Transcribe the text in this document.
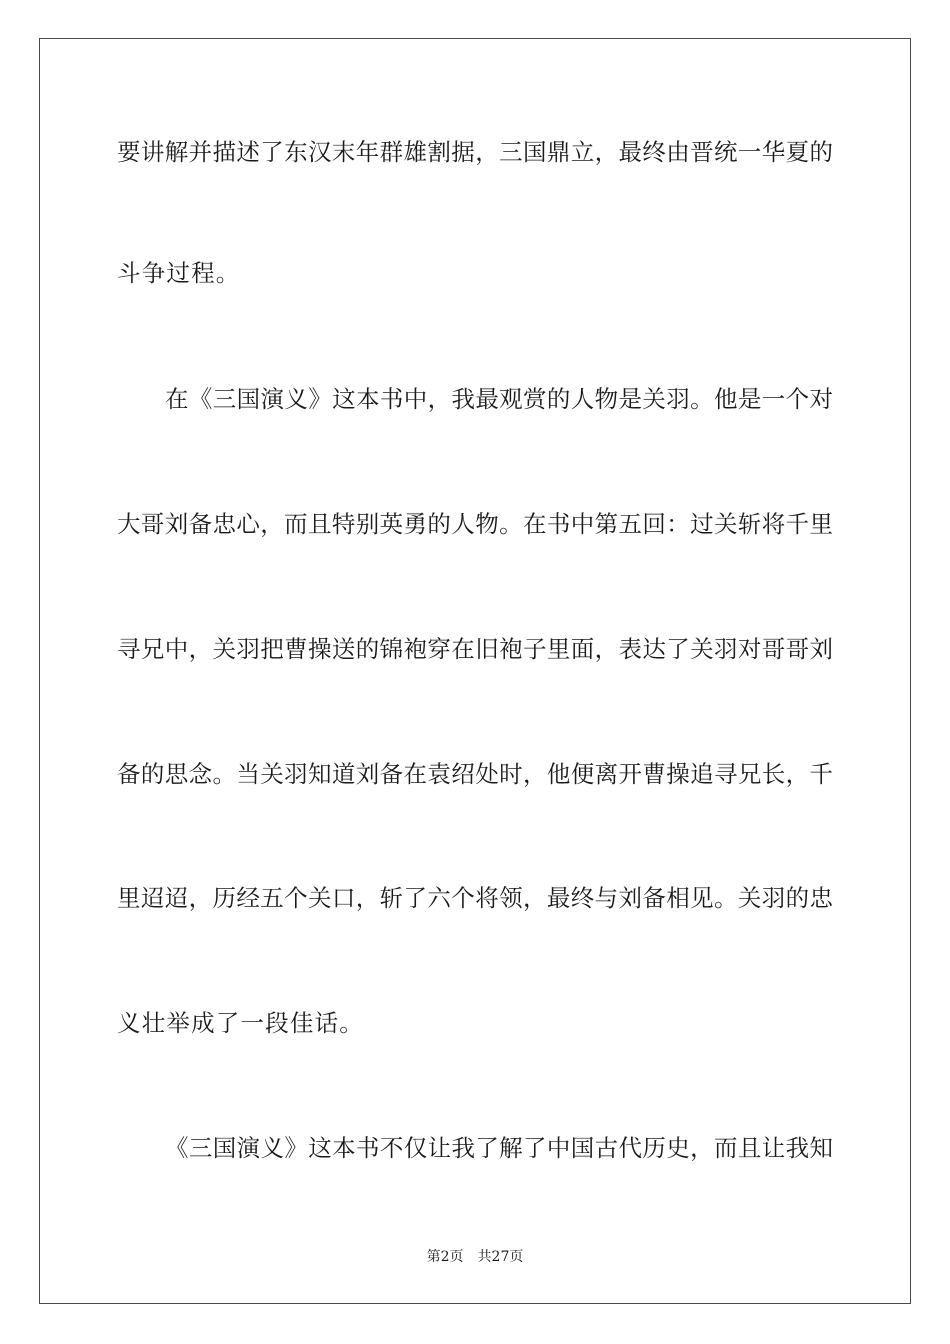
要讲解并描述了东汉末年群雄割据，三国鼎立，最终由晋统一华夏的
斗争过程。
在《三国演义》这本书中，我最观赏的人物是关羽。他是一个对
大哥刘备忠心，而且特别英勇的人物。在书中第五回：过关斩将千里
寻兄中，关羽把曹操送的锦袍穿在旧袍子里面，表达了关羽对哥哥刘
备的思念。当关羽知道刘备在袁绍处时，他便离开曹操追寻兄长，千
里迢迢，历经五个关口，斩了六个将领，最终与刘备相见。关羽的忠
义壮举成了一段佳话。
《三国演义》这本书不仅让我了解了中国古代历史，而且让我知
第2页 共27页
